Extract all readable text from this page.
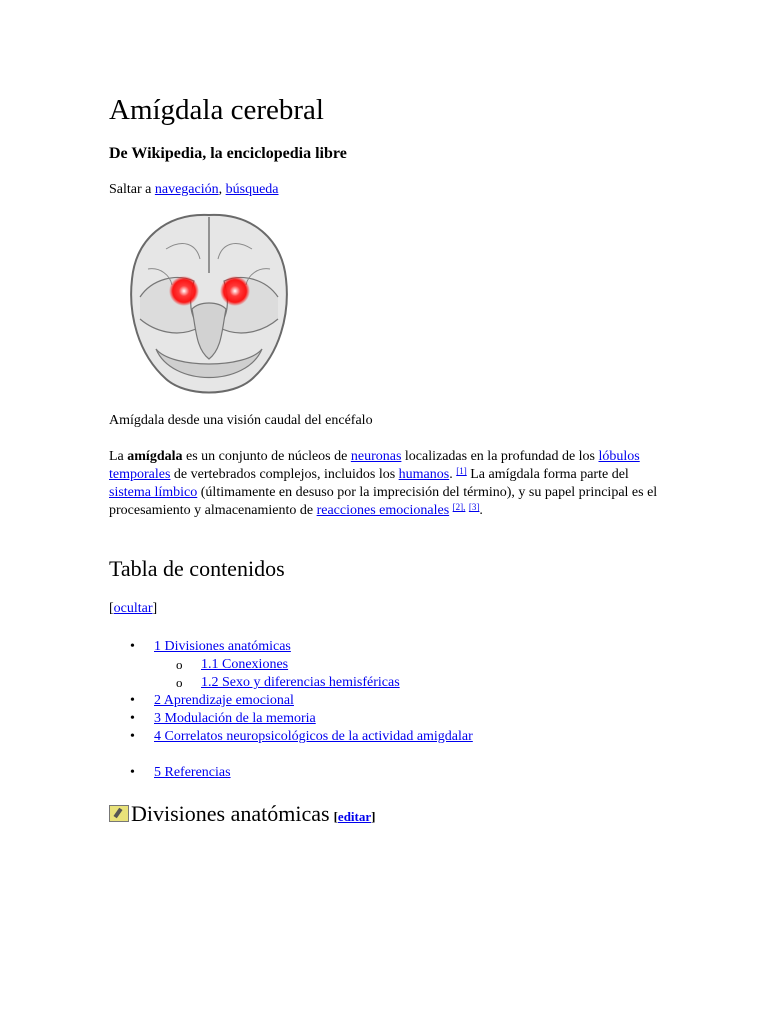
Amígdala cerebral
De Wikipedia, la enciclopedia libre
Saltar a navegación, búsqueda
Amígdala desde una visión caudal del encéfalo
La amígdala es un conjunto de núcleos de neuronas localizadas en la profundad de los lóbulos temporales de vertebrados complejos, incluidos los humanos. [1] La amígdala forma parte del sistema límbico (últimamente en desuso por la imprecisión del término), y su papel principal es el procesamiento y almacenamiento de reacciones emocionales $^{[2],}$ [3].
Tabla de contenidos
[ocultar]
• 1 Divisiones anatómicas
o 1.1 Conexiones
o 1.2 Sexo y diferencias hemisféricas
• 2 Aprendizaje emocional
• 3 Modulación de la memoria
• 4 Correlatos neuropsicológicos de la actividad amigdalar
• 5 Referencias
Divisiones anatómicas [editar]
